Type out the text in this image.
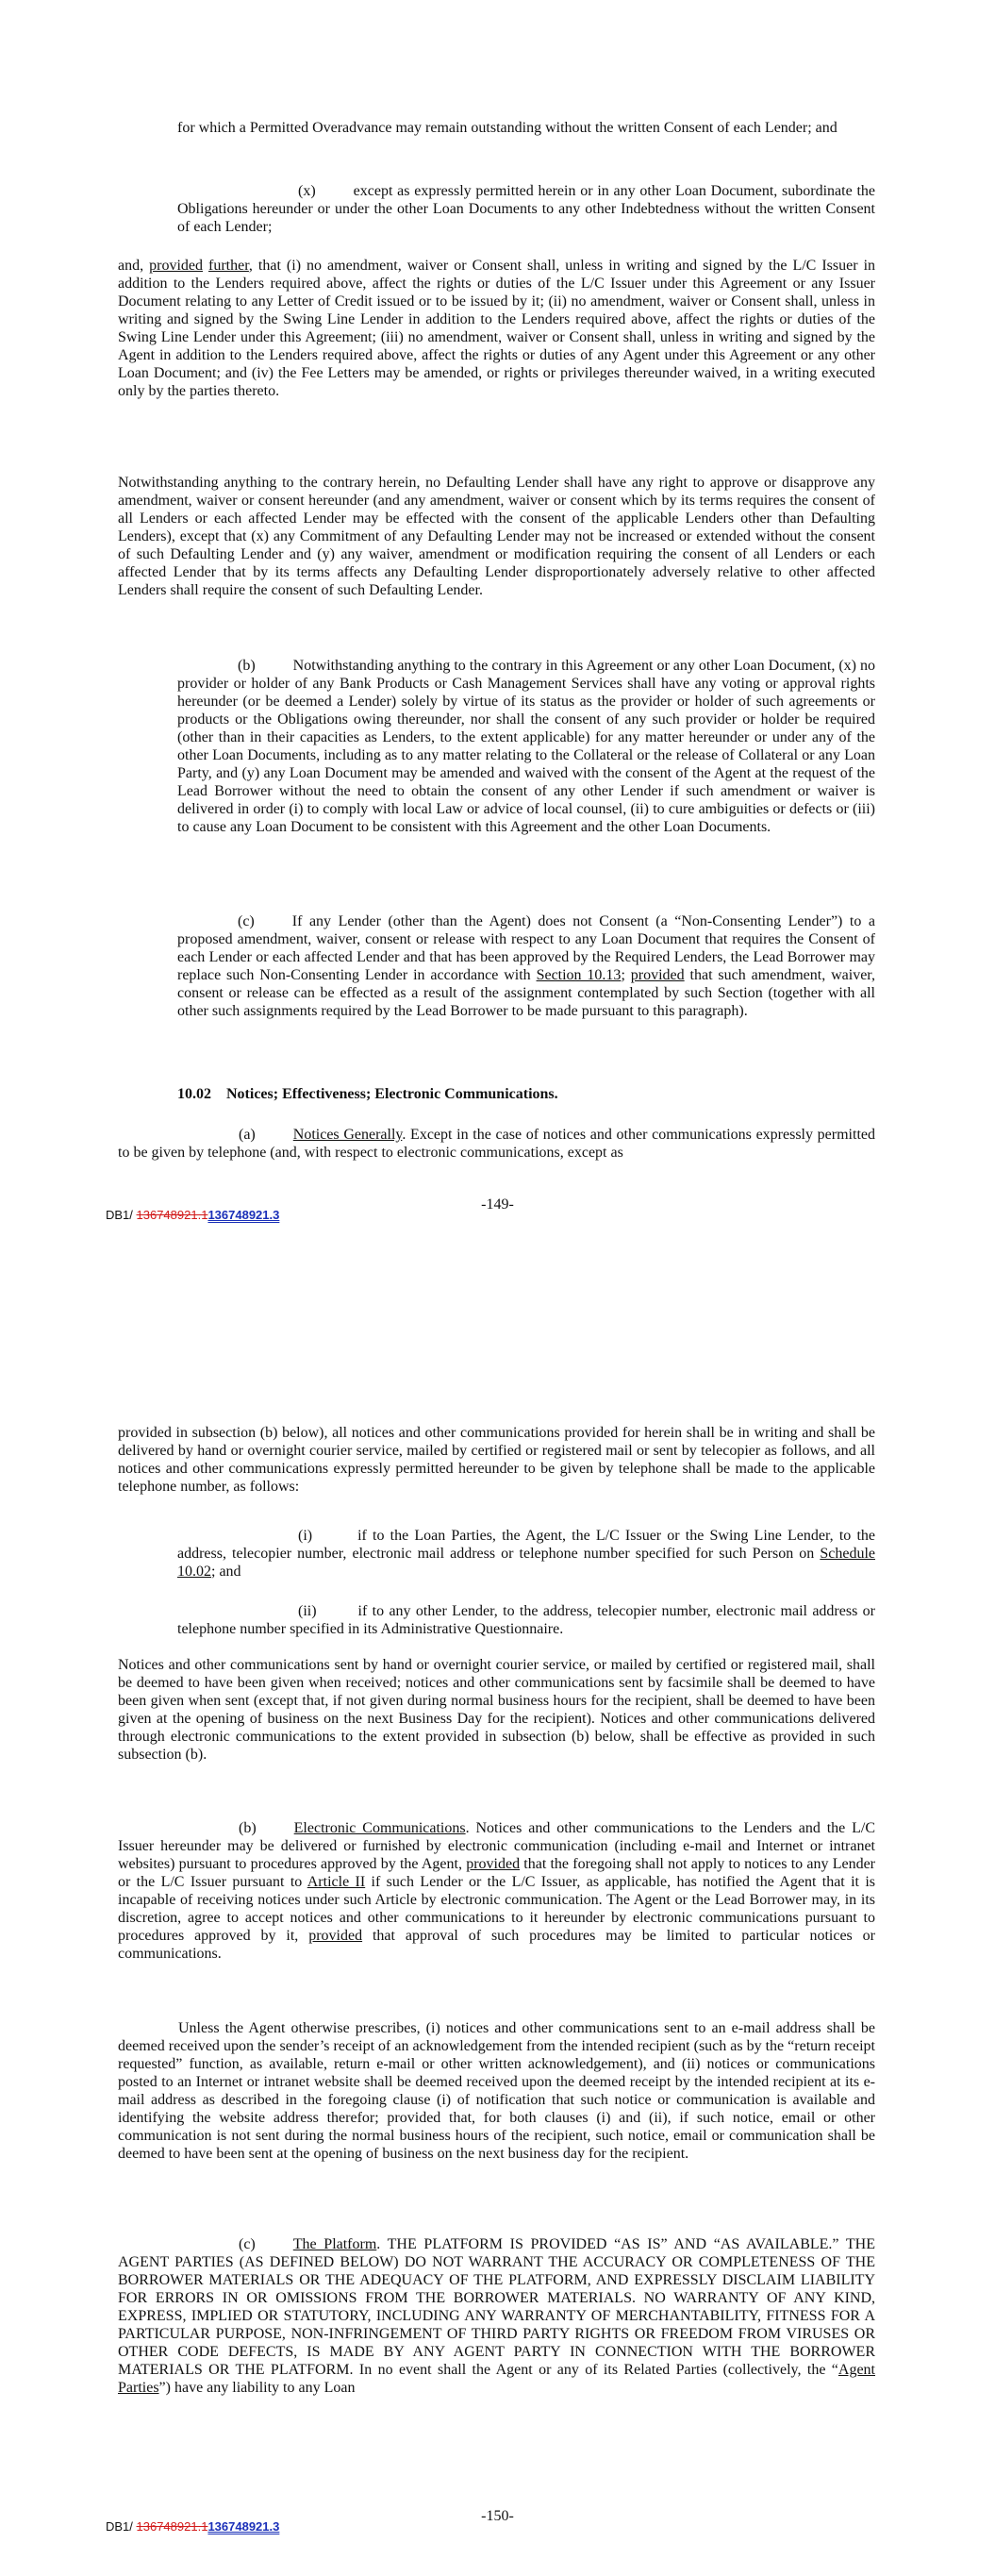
for which a Permitted Overadvance may remain outstanding without the written Consent of each Lender; and

(x)	except as expressly permitted herein or in any other Loan Document, subordinate the Obligations hereunder or under the other Loan Documents to any other Indebtedness without the written Consent of each Lender;

and, provided further, that (i) no amendment, waiver or Consent shall, unless in writing and signed by the L/C Issuer in addition to the Lenders required above, affect the rights or duties of the L/C Issuer under this Agreement or any Issuer Document relating to any Letter of Credit issued or to be issued by it; (ii) no amendment, waiver or Consent shall, unless in writing and signed by the Swing Line Lender in addition to the Lenders required above, affect the rights or duties of the Swing Line Lender under this Agreement; (iii) no amendment, waiver or Consent shall, unless in writing and signed by the Agent in addition to the Lenders required above, affect the rights or duties of any Agent under this Agreement or any other Loan Document; and (iv) the Fee Letters may be amended, or rights or privileges thereunder waived, in a writing executed only by the parties thereto.

Notwithstanding anything to the contrary herein, no Defaulting Lender shall have any right to approve or disapprove any amendment, waiver or consent hereunder (and any amendment, waiver or consent which by its terms requires the consent of all Lenders or each affected Lender may be effected with the consent of the applicable Lenders other than Defaulting Lenders), except that (x) any Commitment of any Defaulting Lender may not be increased or extended without the consent of such Defaulting Lender and (y) any waiver, amendment or modification requiring the consent of all Lenders or each affected Lender that by its terms affects any Defaulting Lender disproportionately adversely relative to other affected Lenders shall require the consent of such Defaulting Lender.

(b)	Notwithstanding anything to the contrary in this Agreement or any other Loan Document, (x) no provider or holder of any Bank Products or Cash Management Services shall have any voting or approval rights hereunder (or be deemed a Lender) solely by virtue of its status as the provider or holder of such agreements or products or the Obligations owing thereunder, nor shall the consent of any such provider or holder be required (other than in their capacities as Lenders, to the extent applicable) for any matter hereunder or under any of the other Loan Documents, including as to any matter relating to the Collateral or the release of Collateral or any Loan Party, and (y) any Loan Document may be amended and waived with the consent of the Agent at the request of the Lead Borrower without the need to obtain the consent of any other Lender if such amendment or waiver is delivered in order (i) to comply with local Law or advice of local counsel, (ii) to cure ambiguities or defects or (iii) to cause any Loan Document to be consistent with this Agreement and the other Loan Documents.

(c)	If any Lender (other than the Agent) does not Consent (a “Non-Consenting Lender”) to a proposed amendment, waiver, consent or release with respect to any Loan Document that requires the Consent of each Lender or each affected Lender and that has been approved by the Required Lenders, the Lead Borrower may replace such Non-Consenting Lender in accordance with Section 10.13; provided that such amendment, waiver, consent or release can be effected as a result of the assignment contemplated by such Section (together with all other such assignments required by the Lead Borrower to be made pursuant to this paragraph).

10.02 Notices; Effectiveness; Electronic Communications.

(a)	Notices Generally. Except in the case of notices and other communications expressly permitted to be given by telephone (and, with respect to electronic communications, except as

-149-
DB1/ 136748921.1136748921.3

provided in subsection (b) below), all notices and other communications provided for herein shall be in writing and shall be delivered by hand or overnight courier service, mailed by certified or registered mail or sent by telecopier as follows, and all notices and other communications expressly permitted hereunder to be given by telephone shall be made to the applicable telephone number, as follows:

(i)	if to the Loan Parties, the Agent, the L/C Issuer or the Swing Line Lender, to the address, telecopier number, electronic mail address or telephone number specified for such Person on Schedule 10.02; and

(ii)	if to any other Lender, to the address, telecopier number, electronic mail address or telephone number specified in its Administrative Questionnaire.

Notices and other communications sent by hand or overnight courier service, or mailed by certified or registered mail, shall be deemed to have been given when received; notices and other communications sent by facsimile shall be deemed to have been given when sent (except that, if not given during normal business hours for the recipient, shall be deemed to have been given at the opening of business on the next Business Day for the recipient). Notices and other communications delivered through electronic communications to the extent provided in subsection (b) below, shall be effective as provided in such subsection (b).

(b)	Electronic Communications. Notices and other communications to the Lenders and the L/C Issuer hereunder may be delivered or furnished by electronic communication (including e-mail and Internet or intranet websites) pursuant to procedures approved by the Agent, provided that the foregoing shall not apply to notices to any Lender or the L/C Issuer pursuant to Article II if such Lender or the L/C Issuer, as applicable, has notified the Agent that it is incapable of receiving notices under such Article by electronic communication. The Agent or the Lead Borrower may, in its discretion, agree to accept notices and other communications to it hereunder by electronic communications pursuant to procedures approved by it, provided that approval of such procedures may be limited to particular notices or communications.

Unless the Agent otherwise prescribes, (i) notices and other communications sent to an e-mail address shall be deemed received upon the sender’s receipt of an acknowledgement from the intended recipient (such as by the “return receipt requested” function, as available, return e-mail or other written acknowledgement), and (ii) notices or communications posted to an Internet or intranet website shall be deemed received upon the deemed receipt by the intended recipient at its e-mail address as described in the foregoing clause (i) of notification that such notice or communication is available and identifying the website address therefor; provided that, for both clauses (i) and (ii), if such notice, email or other communication is not sent during the normal business hours of the recipient, such notice, email or communication shall be deemed to have been sent at the opening of business on the next business day for the recipient.

(c)	The Platform. THE PLATFORM IS PROVIDED “AS IS” AND “AS AVAILABLE.” THE AGENT PARTIES (AS DEFINED BELOW) DO NOT WARRANT THE ACCURACY OR COMPLETENESS OF THE BORROWER MATERIALS OR THE ADEQUACY OF THE PLATFORM, AND EXPRESSLY DISCLAIM LIABILITY FOR ERRORS IN OR OMISSIONS FROM THE BORROWER MATERIALS. NO WARRANTY OF ANY KIND, EXPRESS, IMPLIED OR STATUTORY, INCLUDING ANY WARRANTY OF MERCHANTABILITY, FITNESS FOR A PARTICULAR PURPOSE, NON-INFRINGEMENT OF THIRD PARTY RIGHTS OR FREEDOM FROM VIRUSES OR OTHER CODE DEFECTS, IS MADE BY ANY AGENT PARTY IN CONNECTION WITH THE BORROWER MATERIALS OR THE PLATFORM. In no event shall the Agent or any of its Related Parties (collectively, the “Agent Parties”) have any liability to any Loan

-150-
DB1/ 136748921.1136748921.3
